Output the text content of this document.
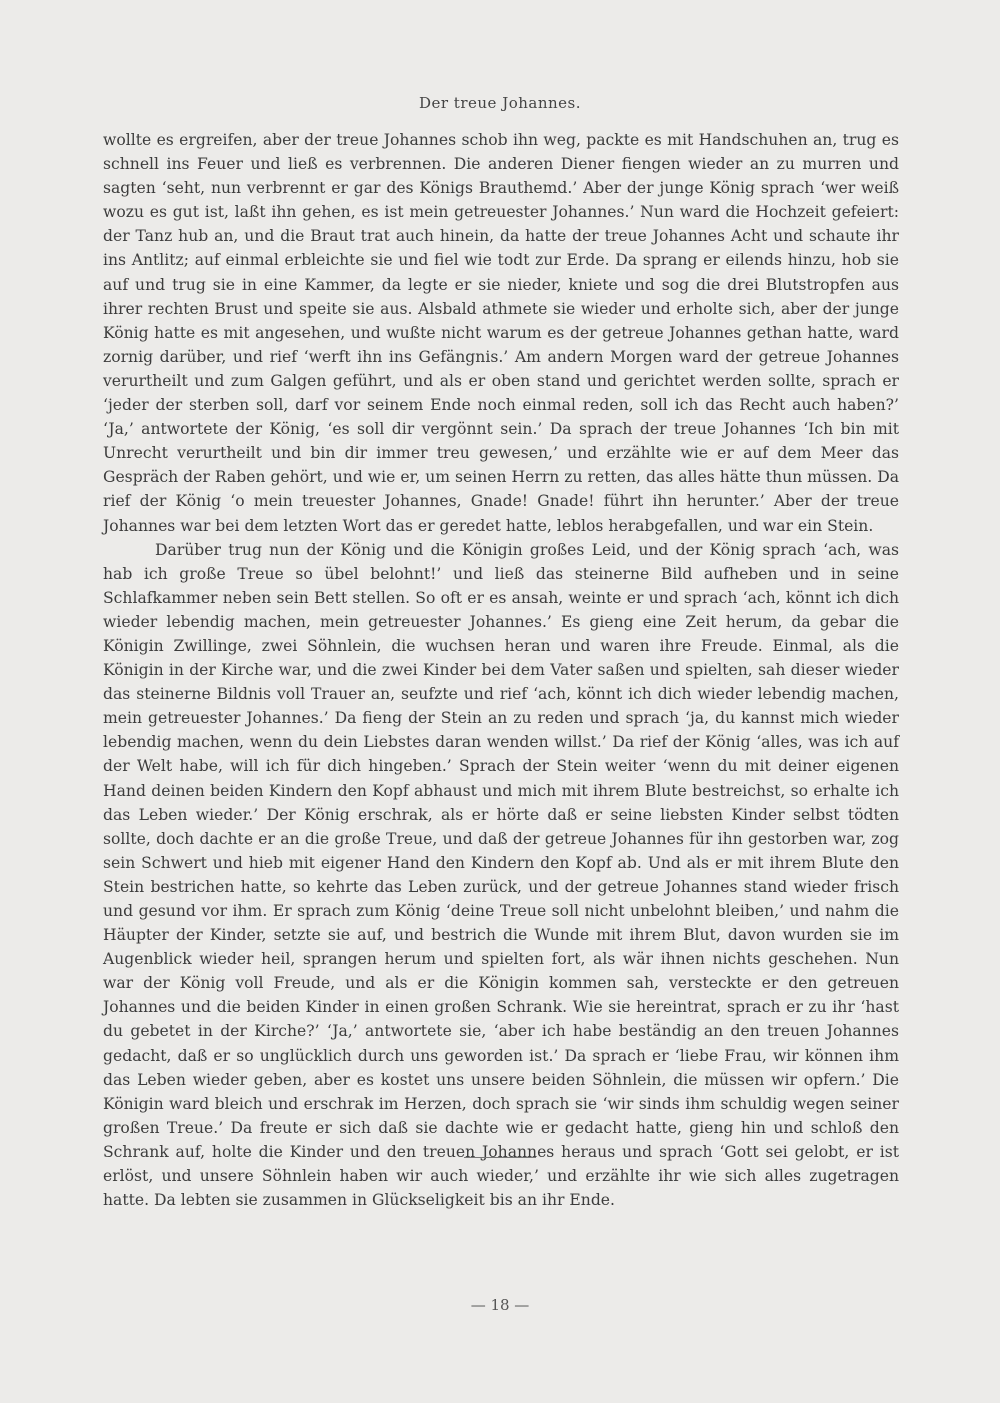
Der treue Johannes.

wollte es ergreifen, aber der treue Johannes schob ihn weg, packte es mit Handschuhen an, trug es schnell ins Feuer und ließ es verbrennen. Die anderen Diener fiengen wieder an zu murren und sagten ‘seht, nun verbrennt er gar des Königs Brauthemd.’ Aber der junge König sprach ‘wer weiß wozu es gut ist, laßt ihn gehen, es ist mein getreuester Johannes.’ Nun ward die Hochzeit gefeiert: der Tanz hub an, und die Braut trat auch hinein, da hatte der treue Johannes Acht und schaute ihr ins Antlitz; auf einmal erbleichte sie und fiel wie todt zur Erde. Da sprang er eilends hinzu, hob sie auf und trug sie in eine Kammer, da legte er sie nieder, kniete und sog die drei Blutstropfen aus ihrer rechten Brust und speite sie aus. Alsbald athmete sie wieder und erholte sich, aber der junge König hatte es mit angesehen, und wußte nicht warum es der getreue Johannes gethan hatte, ward zornig darüber, und rief ‘werft ihn ins Gefängnis.’ Am andern Morgen ward der getreue Johannes verurtheilt und zum Galgen geführt, und als er oben stand und gerichtet werden sollte, sprach er ‘jeder der sterben soll, darf vor seinem Ende noch einmal reden, soll ich das Recht auch haben?’ ‘Ja,’ antwortete der König, ‘es soll dir vergönnt sein.’ Da sprach der treue Johannes ‘Ich bin mit Unrecht verurtheilt und bin dir immer treu gewesen,’ und erzählte wie er auf dem Meer das Gespräch der Raben gehört, und wie er, um seinen Herrn zu retten, das alles hätte thun müssen. Da rief der König ‘o mein treuester Johannes, Gnade! Gnade! führt ihn herunter.’ Aber der treue Johannes war bei dem letzten Wort das er geredet hatte, leblos herabgefallen, und war ein Stein.

Darüber trug nun der König und die Königin großes Leid, und der König sprach ‘ach, was hab ich große Treue so übel belohnt!’ und ließ das steinerne Bild aufheben und in seine Schlafkammer neben sein Bett stellen. So oft er es ansah, weinte er und sprach ‘ach, könnt ich dich wieder lebendig machen, mein getreuester Johannes.’ Es gieng eine Zeit herum, da gebar die Königin Zwillinge, zwei Söhnlein, die wuchsen heran und waren ihre Freude. Einmal, als die Königin in der Kirche war, und die zwei Kinder bei dem Vater saßen und spielten, sah dieser wieder das steinerne Bildnis voll Trauer an, seufzte und rief ‘ach, könnt ich dich wieder lebendig machen, mein getreuester Johannes.’ Da fieng der Stein an zu reden und sprach ‘ja, du kannst mich wieder lebendig machen, wenn du dein Liebstes daran wenden willst.’ Da rief der König ‘alles, was ich auf der Welt habe, will ich für dich hingeben.’ Sprach der Stein weiter ‘wenn du mit deiner eigenen Hand deinen beiden Kindern den Kopf abhaust und mich mit ihrem Blute bestreichst, so erhalte ich das Leben wieder.’ Der König erschrak, als er hörte daß er seine liebsten Kinder selbst tödten sollte, doch dachte er an die große Treue, und daß der getreue Johannes für ihn gestorben war, zog sein Schwert und hieb mit eigener Hand den Kindern den Kopf ab. Und als er mit ihrem Blute den Stein bestrichen hatte, so kehrte das Leben zurück, und der getreue Johannes stand wieder frisch und gesund vor ihm. Er sprach zum König ‘deine Treue soll nicht unbelohnt bleiben,’ und nahm die Häupter der Kinder, setzte sie auf, und bestrich die Wunde mit ihrem Blut, davon wurden sie im Augenblick wieder heil, sprangen herum und spielten fort, als wär ihnen nichts geschehen. Nun war der König voll Freude, und als er die Königin kommen sah, versteckte er den getreuen Johannes und die beiden Kinder in einen großen Schrank. Wie sie hereintrat, sprach er zu ihr ‘hast du gebetet in der Kirche?’ ‘Ja,’ antwortete sie, ‘aber ich habe beständig an den treuen Johannes gedacht, daß er so unglücklich durch uns geworden ist.’ Da sprach er ‘liebe Frau, wir können ihm das Leben wieder geben, aber es kostet uns unsere beiden Söhnlein, die müssen wir opfern.’ Die Königin ward bleich und erschrak im Herzen, doch sprach sie ‘wir sinds ihm schuldig wegen seiner großen Treue.’ Da freute er sich daß sie dachte wie er gedacht hatte, gieng hin und schloß den Schrank auf, holte die Kinder und den treuen Johannes heraus und sprach ‘Gott sei gelobt, er ist erlöst, und unsere Söhnlein haben wir auch wieder,’ und erzählte ihr wie sich alles zugetragen hatte. Da lebten sie zusammen in Glückseligkeit bis an ihr Ende.

— 18 —
